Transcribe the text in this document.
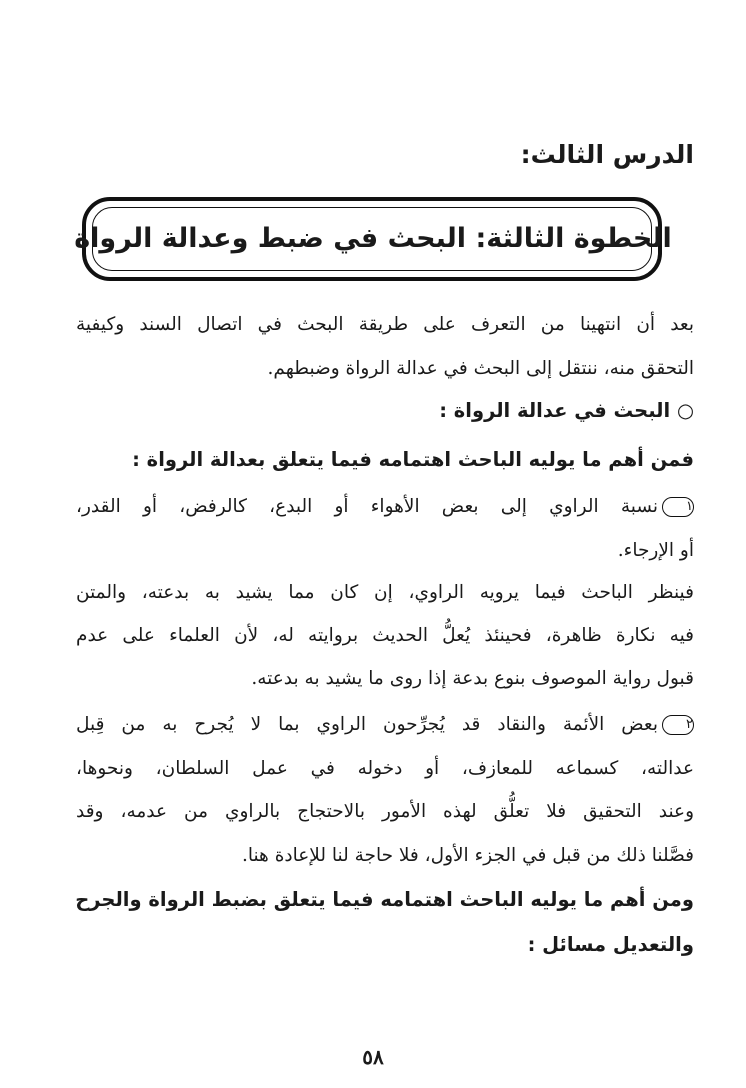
الدرس الثالث:
الخطوة الثالثة: البحث في ضبط وعدالة الرواة
بعد أن انتهينا من التعرف على طريقة البحث في اتصال السند وكيفية
التحقق منه، ننتقل إلى البحث في عدالة الرواة وضبطهم.
○ البحث في عدالة الرواة :
فمن أهم ما يوليه الباحث اهتمامه فيما يتعلق بعدالة الرواة :
١نسبة الراوي إلى بعض الأهواء أو البدع، كالرفض، أو القدر،
أو الإرجاء.
فينظر الباحث فيما يرويه الراوي، إن كان مما يشيد به بدعته، والمتن
فيه نكارة ظاهرة، فحينئذ يُعلُّ الحديث بروايته له، لأن العلماء على عدم
قبول رواية الموصوف بنوع بدعة إذا روى ما يشيد به بدعته.
٢بعض الأئمة والنقاد قد يُجرِّحون الراوي بما لا يُجرح به من قِبل
عدالته، كسماعه للمعازف، أو دخوله في عمل السلطان، ونحوها،
وعند التحقيق فلا تعلُّق لهذه الأمور بالاحتجاج بالراوي من عدمه، وقد
فصَّلنا ذلك من قبل في الجزء الأول، فلا حاجة لنا للإعادة هنا.
ومن أهم ما يوليه الباحث اهتمامه فيما يتعلق بضبط الرواة والجرح
والتعديل مسائل :
٥٨
